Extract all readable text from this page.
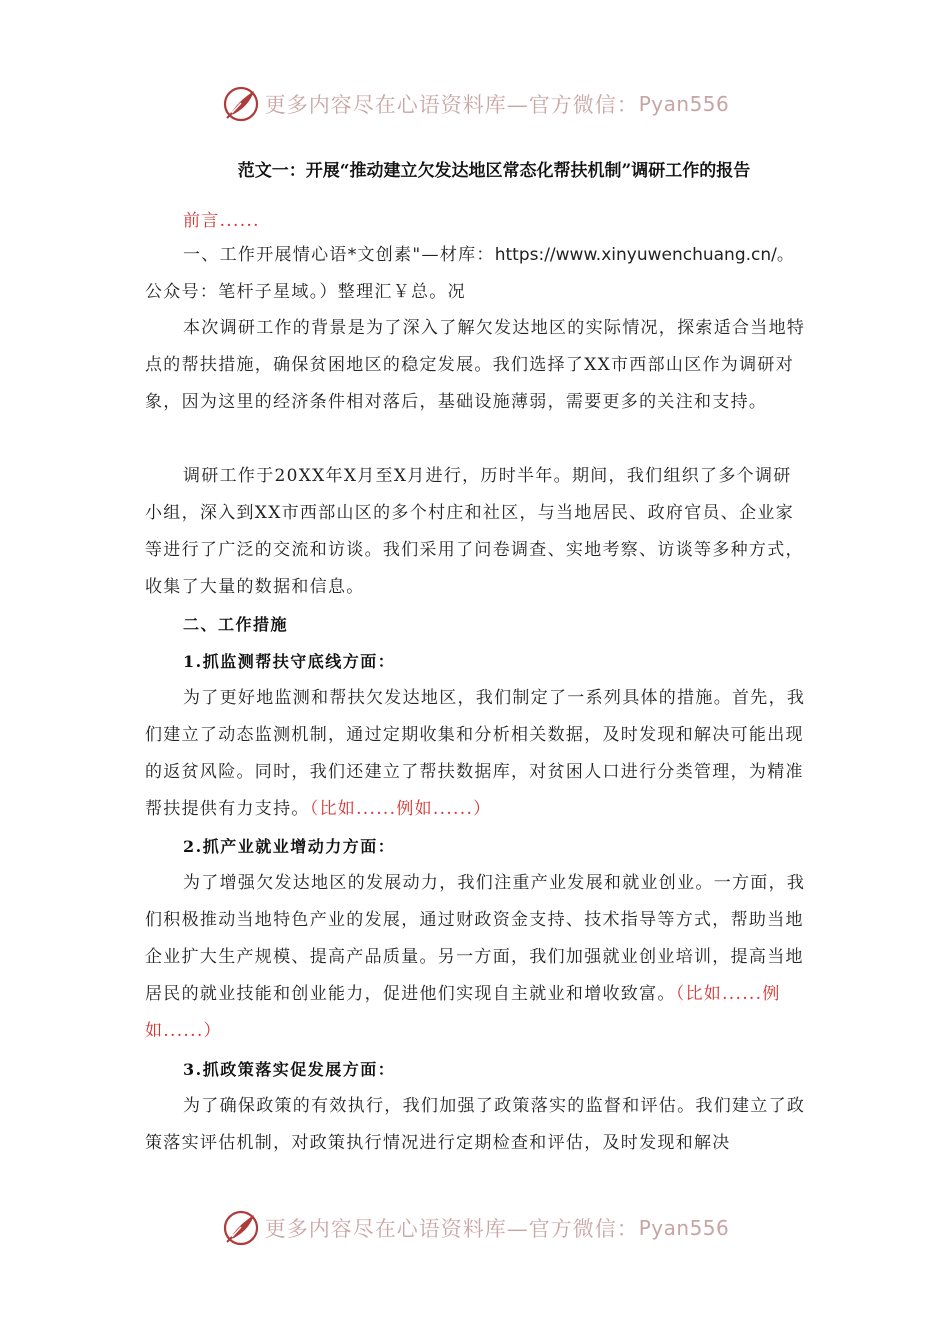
更多内容尽在心语资料库—官方微信： Pyan556
范文一：开展“推动建立欠发达地区常态化帮扶机制”调研工作的报告

前言......

一、工作开展情心语*文创素"—材库：https://www.xinyuwenchuang.cn/。公众号：笔杆子星域。）整理汇￥总。况

本次调研工作的背景是为了深入了解欠发达地区的实际情况，探索适合当地特点的帮扶措施，确保贫困地区的稳定发展。我们选择了XX市西部山区作为调研对象，因为这里的经济条件相对落后，基础设施薄弱，需要更多的关注和支持。

调研工作于20XX年X月至X月进行，历时半年。期间，我们组织了多个调研小组，深入到XX市西部山区的多个村庄和社区，与当地居民、政府官员、企业家等进行了广泛的交流和访谈。我们采用了问卷调查、实地考察、访谈等多种方式，收集了大量的数据和信息。

二、工作措施
1.抓监测帮扶守底线方面：

为了更好地监测和帮扶欠发达地区，我们制定了一系列具体的措施。首先，我们建立了动态监测机制，通过定期收集和分析相关数据，及时发现和解决可能出现的返贫风险。同时，我们还建立了帮扶数据库，对贫困人口进行分类管理，为精准帮扶提供有力支持。（比如......例如......）

2.抓产业就业增动力方面：

为了增强欠发达地区的发展动力，我们注重产业发展和就业创业。一方面，我们积极推动当地特色产业的发展，通过财政资金支持、技术指导等方式，帮助当地企业扩大生产规模、提高产品质量。另一方面，我们加强就业创业培训，提高当地居民的就业技能和创业能力，促进他们实现自主就业和增收致富。（比如......例如......）

3.抓政策落实促发展方面：

为了确保政策的有效执行，我们加强了政策落实的监督和评估。我们建立了政策落实评估机制，对政策执行情况进行定期检查和评估，及时发现和解决

更多内容尽在心语资料库—官方微信： Pyan556
